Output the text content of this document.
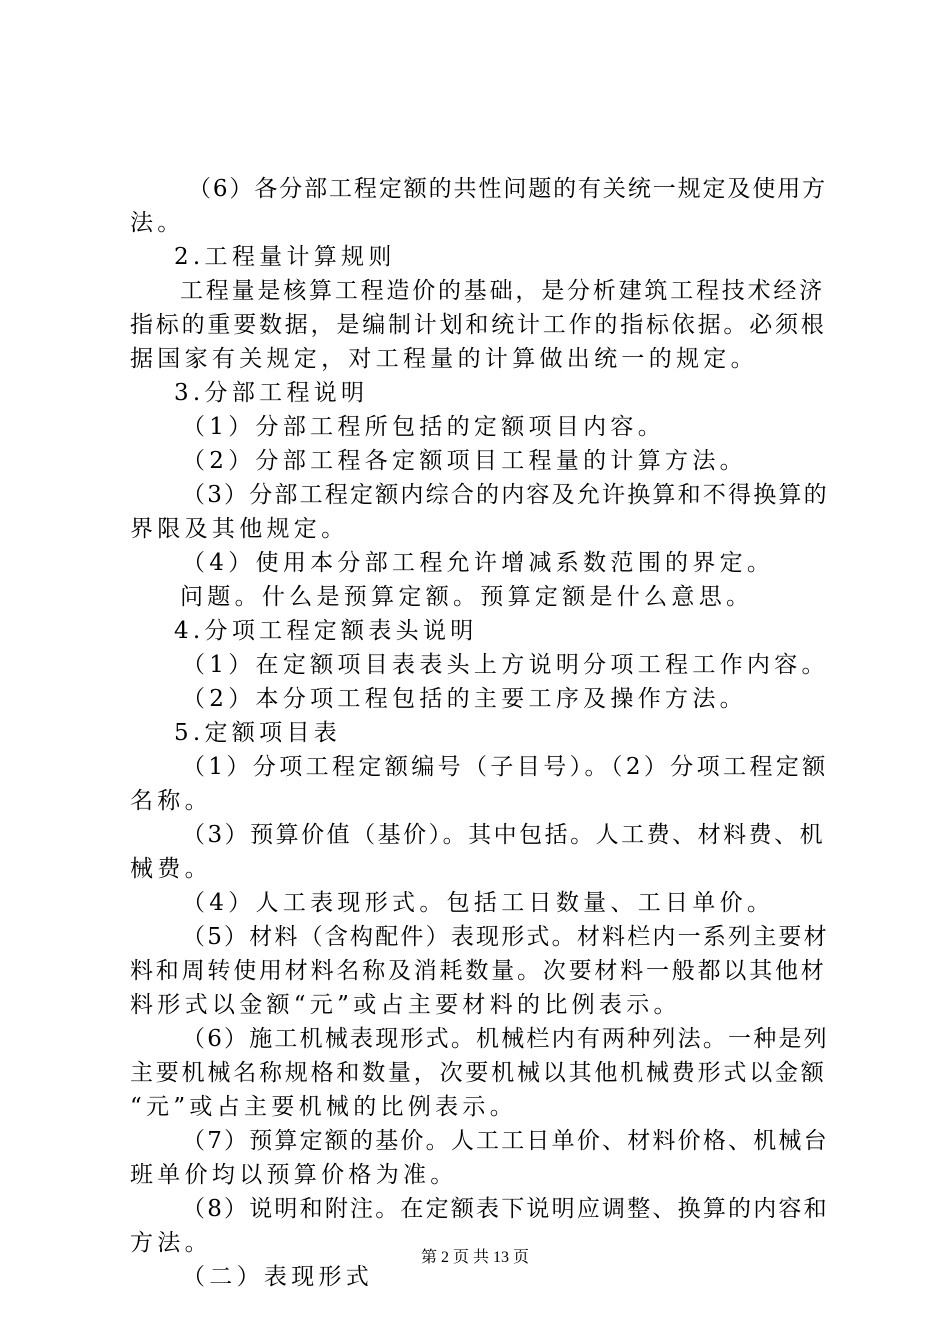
（6）各分部工程定额的共性问题的有关统一规定及使用方
法。
2.工程量计算规则
工程量是核算工程造价的基础，是分析建筑工程技术经济
指标的重要数据，是编制计划和统计工作的指标依据。必须根
据国家有关规定，对工程量的计算做出统一的规定。
3.分部工程说明
（1）分部工程所包括的定额项目内容。
（2）分部工程各定额项目工程量的计算方法。
（3）分部工程定额内综合的内容及允许换算和不得换算的
界限及其他规定。
（4）使用本分部工程允许增减系数范围的界定。
问题。什么是预算定额。预算定额是什么意思。
4.分项工程定额表头说明
（1）在定额项目表表头上方说明分项工程工作内容。
（2）本分项工程包括的主要工序及操作方法。
5.定额项目表
（1）分项工程定额编号（子目号）。（2）分项工程定额
名称。
（3）预算价值（基价）。其中包括。人工费、材料费、机
械费。
（4）人工表现形式。包括工日数量、工日单价。
（5）材料（含构配件）表现形式。材料栏内一系列主要材
料和周转使用材料名称及消耗数量。次要材料一般都以其他材
料形式以金额“元”或占主要材料的比例表示。
（6）施工机械表现形式。机械栏内有两种列法。一种是列
主要机械名称规格和数量，次要机械以其他机械费形式以金额
“元”或占主要机械的比例表示。
（7）预算定额的基价。人工工日单价、材料价格、机械台
班单价均以预算价格为准。
（8）说明和附注。在定额表下说明应调整、换算的内容和
方法。
（二）表现形式
第 2 页 共 13 页
